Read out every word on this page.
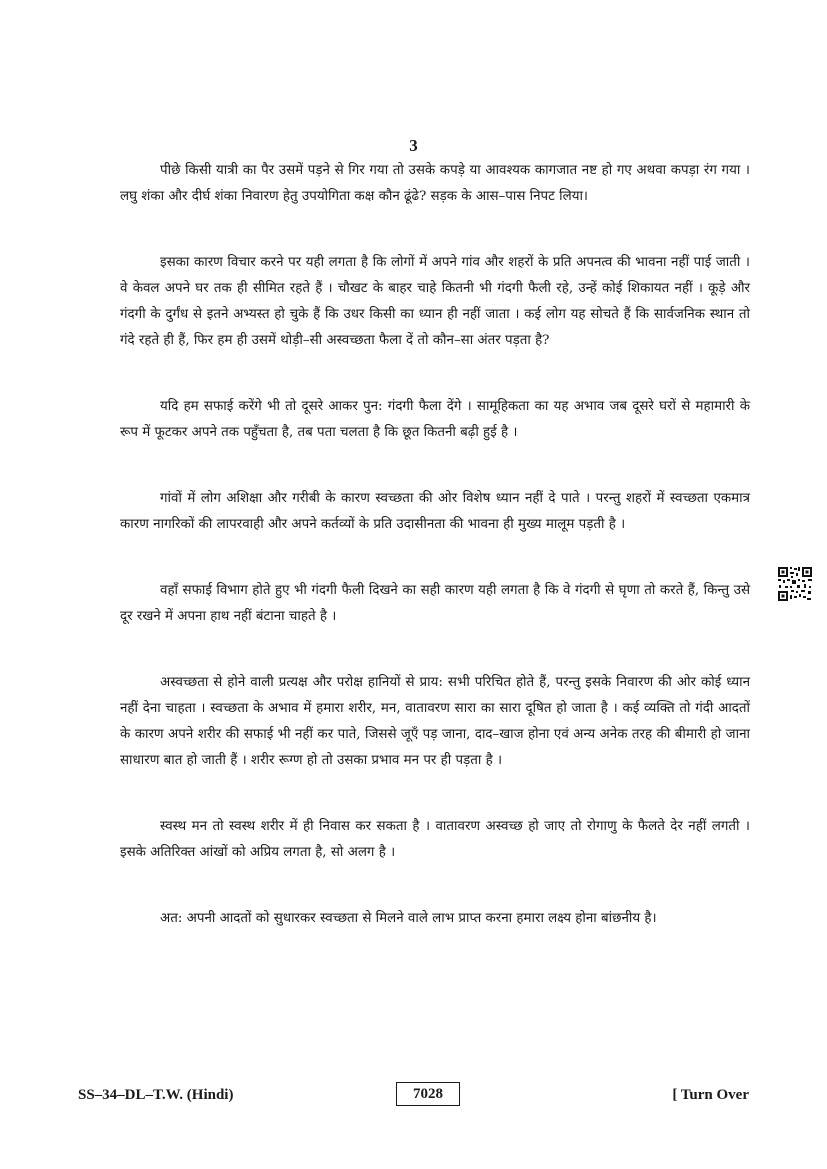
3

पीछे किसी यात्री का पैर उसमें पड़ने से गिर गया तो उसके कपड़े या आवश्यक कागजात नष्ट हो गए अथवा कपड़ा रंग गया । लघु शंका और दीर्घ शंका निवारण हेतु उपयोगिता कक्ष कौन ढूंढे? सड़क के आस–पास निपट लिया।

इसका कारण विचार करने पर यही लगता है कि लोगों में अपने गांव और शहरों के प्रति अपनत्व की भावना नहीं पाई जाती । वे केवल अपने घर तक ही सीमित रहते हैं । चौखट के बाहर चाहे कितनी भी गंदगी फैली रहे, उन्हें कोई शिकायत नहीं । कूड़े और गंदगी के दुर्गंध से इतने अभ्यस्त हो चुके हैं कि उधर किसी का ध्यान ही नहीं जाता । कई लोग यह सोचते हैं कि सार्वजनिक स्थान तो गंदे रहते ही हैं, फिर हम ही उसमें थोड़ी–सी अस्वच्छता फैला दें तो कौन–सा अंतर पड़ता है?

यदि हम सफाई करेंगे भी तो दूसरे आकर पुन: गंदगी फैला देंगे । सामूहिकता का यह अभाव जब दूसरे घरों से महामारी के रूप में फूटकर अपने तक पहुँचता है, तब पता चलता है कि छूत कितनी बढ़ी हुई है ।

गांवों में लोग अशिक्षा और गरीबी के कारण स्वच्छता की ओर विशेष ध्यान नहीं दे पाते । परन्तु शहरों में स्वच्छता एकमात्र कारण नागरिकों की लापरवाही और अपने कर्तव्यों के प्रति उदासीनता की भावना ही मुख्य मालूम पड़ती है ।

वहाँ सफाई विभाग होते हुए भी गंदगी फैली दिखने का सही कारण यही लगता है कि वे गंदगी से घृणा तो करते हैं, किन्तु उसे दूर रखने में अपना हाथ नहीं बंटाना चाहते है ।

अस्वच्छता से होने वाली प्रत्यक्ष और परोक्ष हानियों से प्राय: सभी परिचित होते हैं, परन्तु इसके निवारण की ओर कोई ध्यान नहीं देना चाहता । स्वच्छता के अभाव में हमारा शरीर, मन, वातावरण सारा का सारा दूषित हो जाता है । कई व्यक्ति तो गंदी आदतों के कारण अपने शरीर की सफाई भी नहीं कर पाते, जिससे जूएँ पड़ जाना, दाद–खाज होना एवं अन्य अनेक तरह की बीमारी हो जाना साधारण बात हो जाती हैं । शरीर रूग्ण हो तो उसका प्रभाव मन पर ही पड़ता है ।

स्वस्थ मन तो स्वस्थ शरीर में ही निवास कर सकता है । वातावरण अस्वच्छ हो जाए तो रोगाणु के फैलते देर नहीं लगती । इसके अतिरिक्त आंखों को अप्रिय लगता है, सो अलग है ।

अत: अपनी आदतों को सुधारकर स्वच्छता से मिलने वाले लाभ प्राप्त करना हमारा लक्ष्य होना बांछनीय है।

SS–34–DL–T.W. (Hindi)	7028	[ Turn Over
